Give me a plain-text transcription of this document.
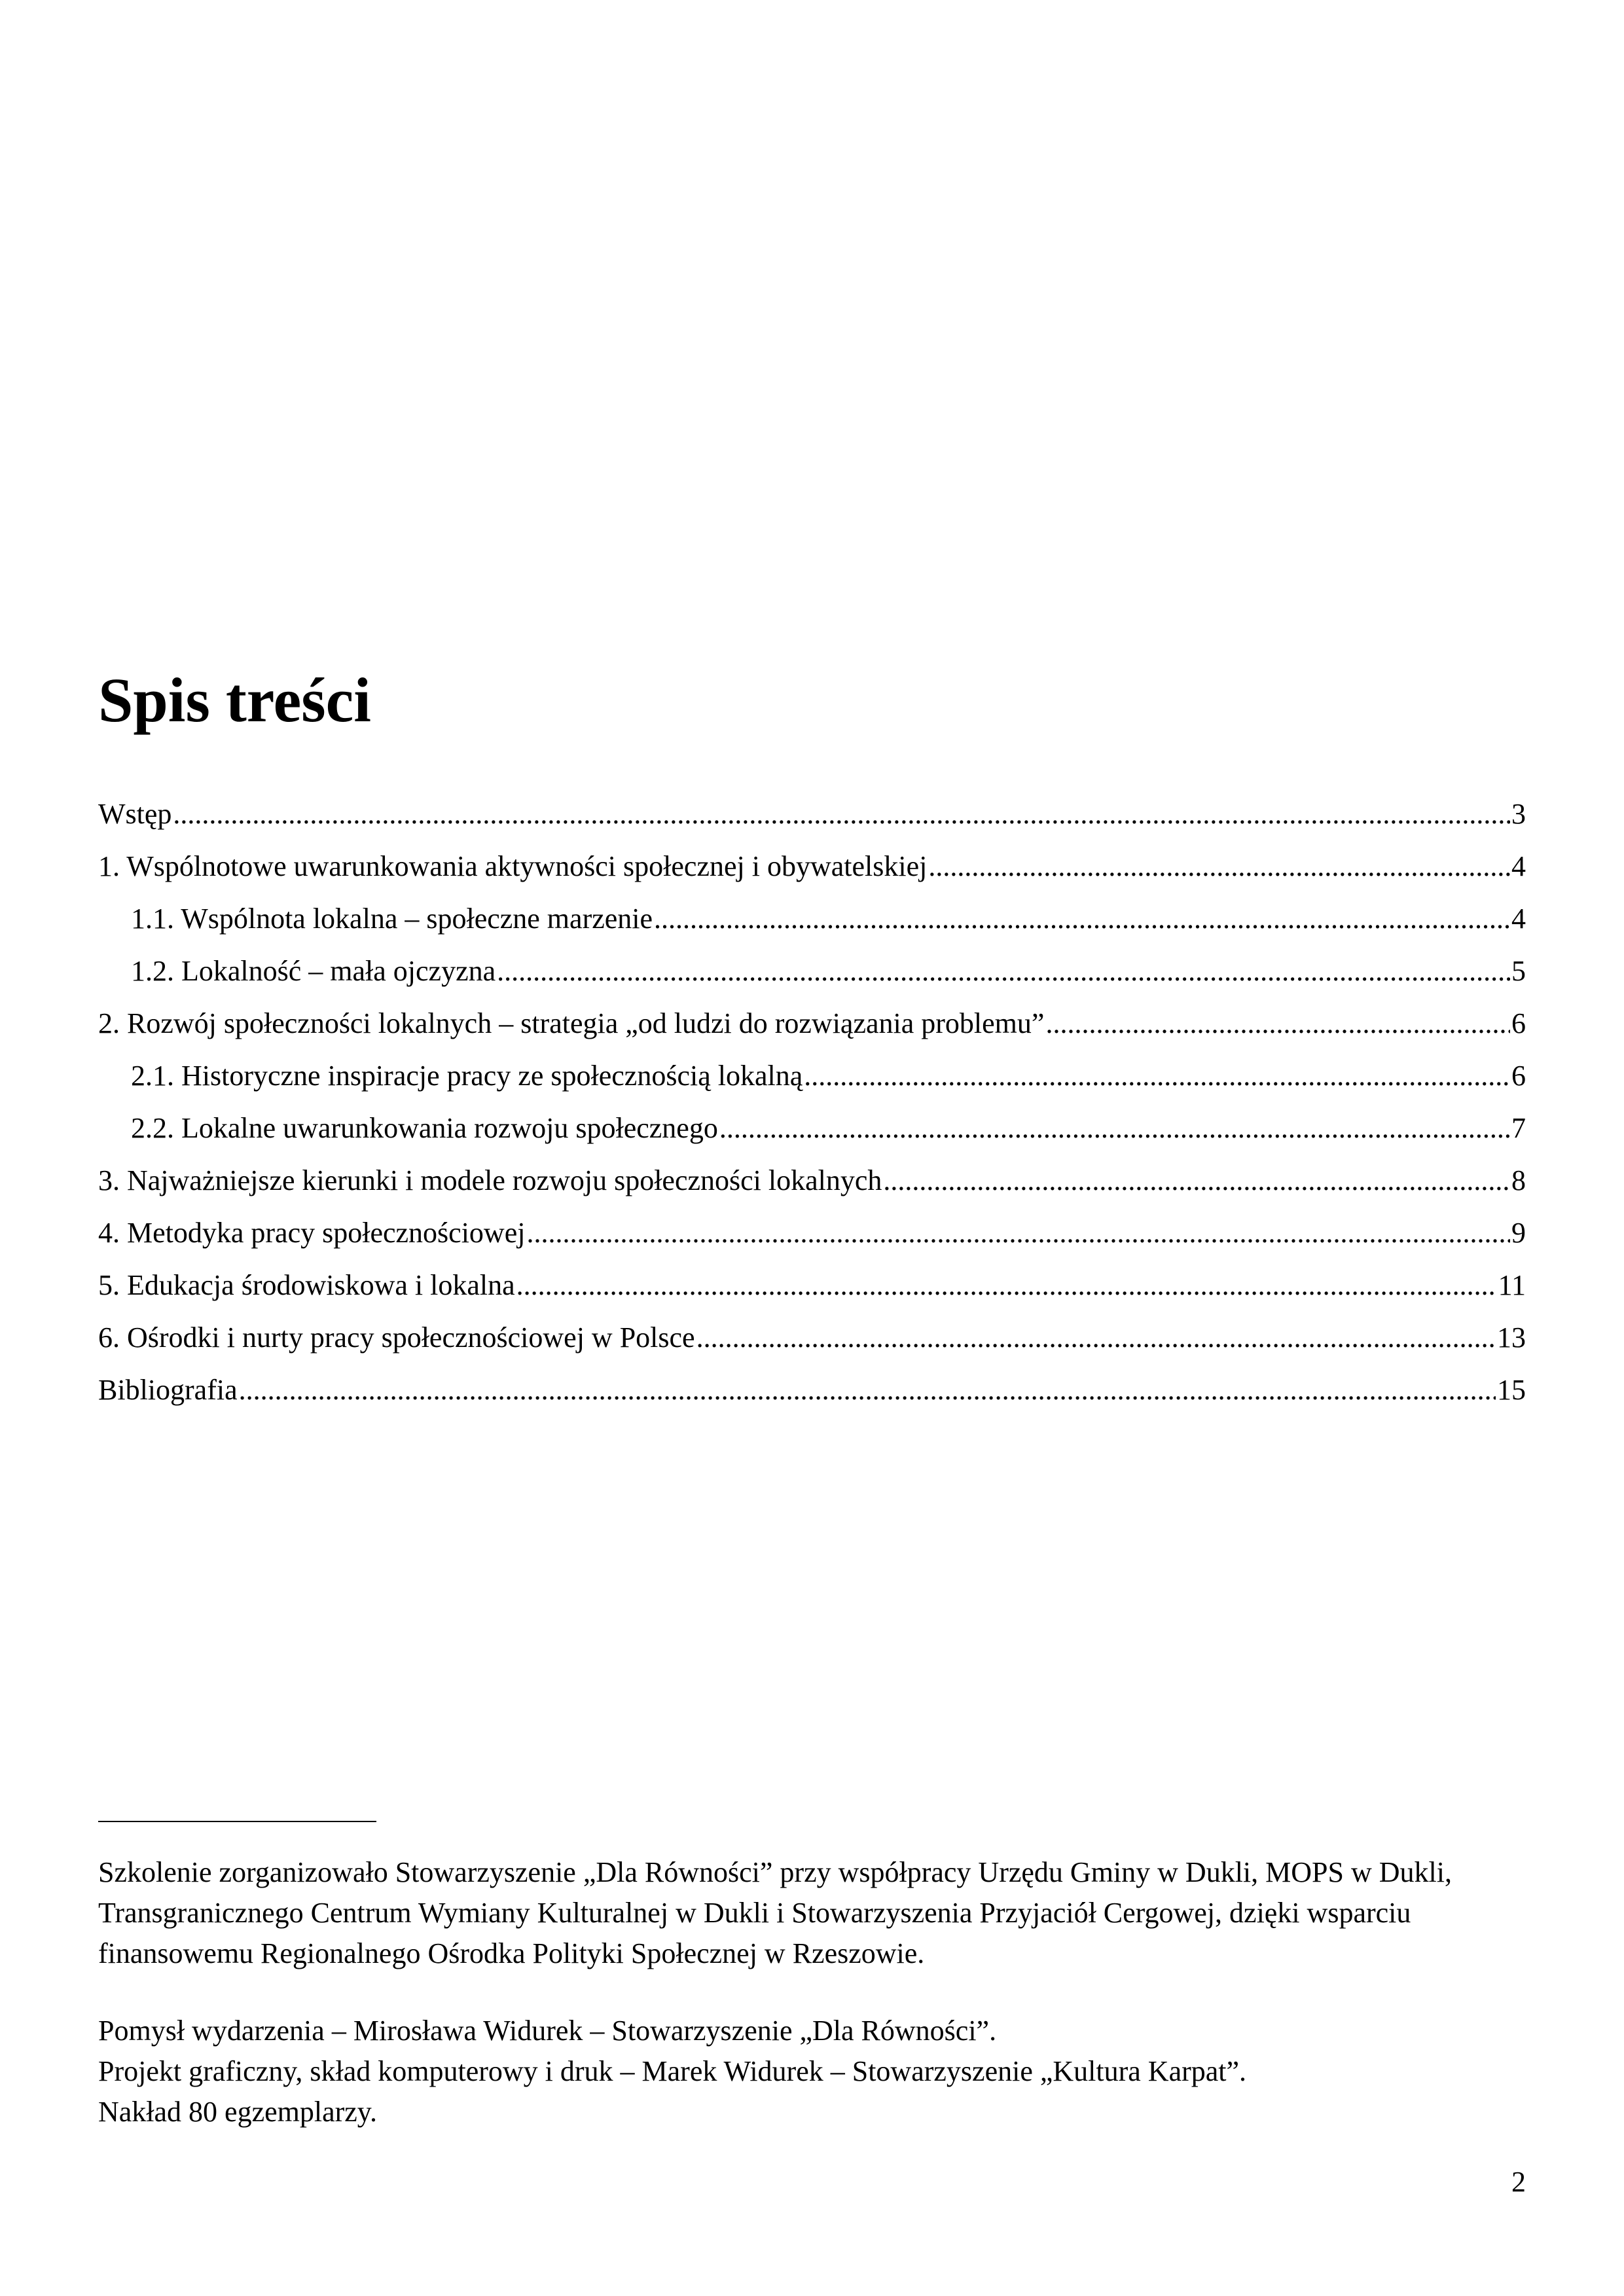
Spis treści
Wstęp .....	3
1. Wspólnotowe uwarunkowania aktywności społecznej i obywatelskiej .....	4
1.1. Wspólnota lokalna – społeczne marzenie .....	4
1.2. Lokalność – mała ojczyzna .....	5
2. Rozwój społeczności lokalnych – strategia „od ludzi do rozwiązania problemu” .....	6
2.1. Historyczne inspiracje pracy ze społecznością lokalną .....	6
2.2. Lokalne uwarunkowania rozwoju społecznego .....	7
3. Najważniejsze kierunki i modele rozwoju społeczności lokalnych .....	8
4. Metodyka pracy społecznościowej .....	9
5. Edukacja środowiskowa i lokalna .....	11
6. Ośrodki i nurty pracy społecznościowej w Polsce .....	13
Bibliografia .....	15

Szkolenie zorganizowało Stowarzyszenie „Dla Równości” przy współpracy Urzędu Gminy w Dukli, MOPS w Dukli, Transgranicznego Centrum Wymiany Kulturalnej w Dukli i Stowarzyszenia Przyjaciół Cergowej, dzięki wsparciu finansowemu Regionalnego Ośrodka Polityki Społecznej w Rzeszowie.

Pomysł wydarzenia – Mirosława Widurek – Stowarzyszenie „Dla Równości”.

Projekt graficzny, skład komputerowy i druk – Marek Widurek – Stowarzyszenie „Kultura Karpat”.

Nakład 80 egzemplarzy.

2
